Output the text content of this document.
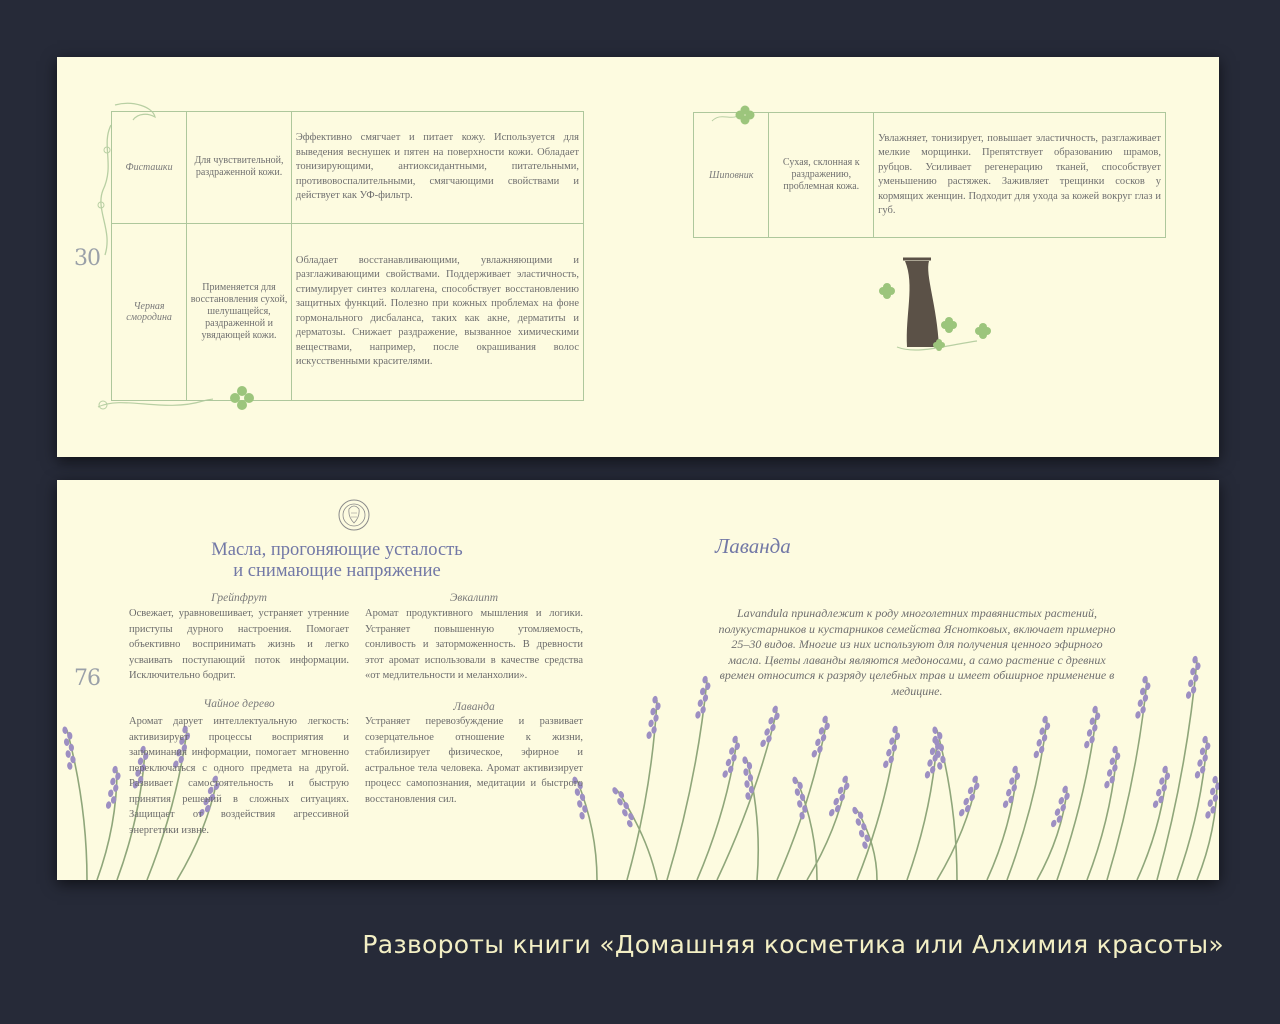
30
Фисташки	Для чувствительной, раздраженной кожи.	Эффективно смягчает и питает кожу. Используется для выведения веснушек и пятен на поверхности кожи. Обладает тонизирующими, антиоксидантными, питательными, противовоспалительными, смягчающими свойствами и действует как УФ-фильтр.
Черная смородина	Применяется для восстановления сухой, шелушащейся, раздраженной и увядающей кожи.	Обладает восстанавливающими, увлажняющими и разглаживающими свойствами. Поддерживает эластичность, стимулирует синтез коллагена, способствует восстановлению защитных функций. Полезно при кожных проблемах на фоне гормонального дисбаланса, таких как акне, дерматиты и дерматозы. Снижает раздражение, вызванное химическими веществами, например, после окрашивания волос искусственными красителями.
Шиповник	Сухая, склонная к раздражению, проблемная кожа.	Увлажняет, тонизирует, повышает эластичность, разглаживает мелкие морщинки. Препятствует образованию шрамов, рубцов. Усиливает регенерацию тканей, способствует уменьшению растяжек. Заживляет трещинки сосков у кормящих женщин. Подходит для ухода за кожей вокруг глаз и губ.
Масла, прогоняющие усталость
и снимающие напряжение
76
Грейпфрут
Освежает, уравновешивает, устраняет утренние приступы дурного настроения. Помогает объективно воспринимать жизнь и легко усваивать поступающий поток информации. Исключительно бодрит.
Чайное дерево
Аромат дарует интеллектуальную легкость: активизирует процессы восприятия и запоминания информации, помогает мгновенно переключаться с одного предмета на другой. Развивает самостоятельность и быструю принятия решений в сложных ситуациях. Защищает от воздействия агрессивной энергетики извне.
Эвкалипт
Аромат продуктивного мышления и логики. Устраняет повышенную утомляемость, сонливость и заторможенность. В древности этот аромат использовали в качестве средства «от медлительности и меланхолии».
Лаванда
Устраняет перевозбуждение и развивает созерцательное отношение к жизни, стабилизирует физическое, эфирное и астральное тела человека. Аромат активизирует процесс самопознания, медитации и быстрого восстановления сил.
Лаванда
Lavandula принадлежит к роду многолетних травянистых растений, полукустарников и кустарников семейства Яснотковых, включает примерно 25–30 видов. Многие из них используют для получения ценного эфирного масла. Цветы лаванды являются медоносами, а само растение с древних времен относится к разряду целебных трав и имеет обширное применение в медицине.
Развороты книги «Домашняя косметика или Алхимия красоты»
